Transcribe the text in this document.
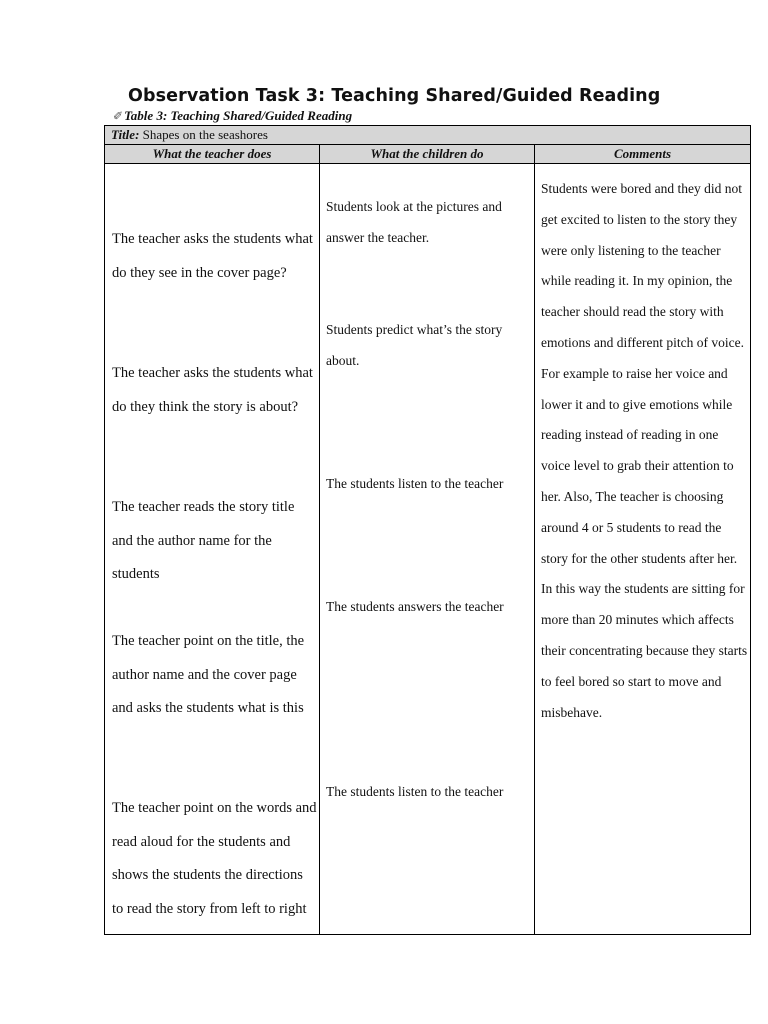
Observation Task 3: Teaching Shared/Guided Reading
✐Table 3: Teaching Shared/Guided Reading
Title: Shapes on the seashores
What the teacher does	What the children do	Comments
The teacher asks the students what do they see in the cover page?
The teacher asks the students what do they think the story is about?
The teacher reads the story title and the author name for the students
The teacher point on the title, the author name and the cover page and asks the students what is this
The teacher point on the words and read aloud for the students and shows the students the directions to read the story from left to right
Students look at the pictures and answer the teacher.
Students predict what’s the story about.
The students listen to the teacher
The students answers the teacher
The students listen to the teacher
Students were bored and they did not get excited to listen to the story they were only listening to the teacher while reading it. In my opinion, the teacher should read the story with emotions and different pitch of voice. For example to raise her voice and lower it and to give emotions while reading instead of reading in one voice level to grab their attention to her. Also, The teacher is choosing around 4 or 5 students to read the story for the other students after her. In this way the students are sitting for more than 20 minutes which affects their concentrating because they starts to feel bored so start to move and misbehave.
